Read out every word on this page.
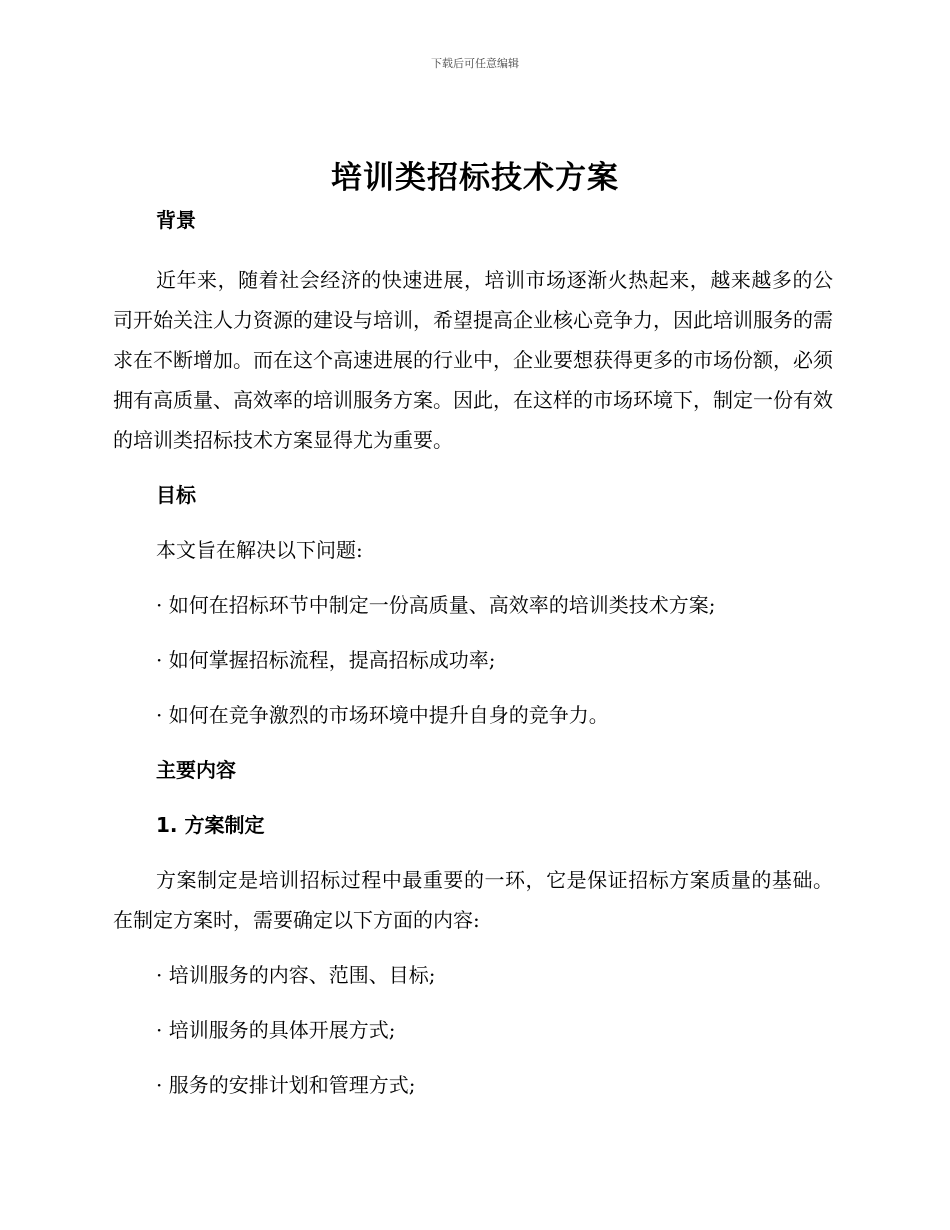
下载后可任意编辑
培训类招标技术方案
背景

近年来，随着社会经济的快速进展，培训市场逐渐火热起来，越来越多的公司开始关注人力资源的建设与培训，希望提高企业核心竞争力，因此培训服务的需求在不断增加。而在这个高速进展的行业中，企业要想获得更多的市场份额，必须拥有高质量、高效率的培训服务方案。因此，在这样的市场环境下，制定一份有效的培训类招标技术方案显得尤为重要。

目标
本文旨在解决以下问题:
· 如何在招标环节中制定一份高质量、高效率的培训类技术方案;
· 如何掌握招标流程，提高招标成功率;
· 如何在竞争激烈的市场环境中提升自身的竞争力。
主要内容
1. 方案制定

方案制定是培训招标过程中最重要的一环，它是保证招标方案质量的基础。在制定方案时，需要确定以下方面的内容:

· 培训服务的内容、范围、目标;
· 培训服务的具体开展方式;
· 服务的安排计划和管理方式;
